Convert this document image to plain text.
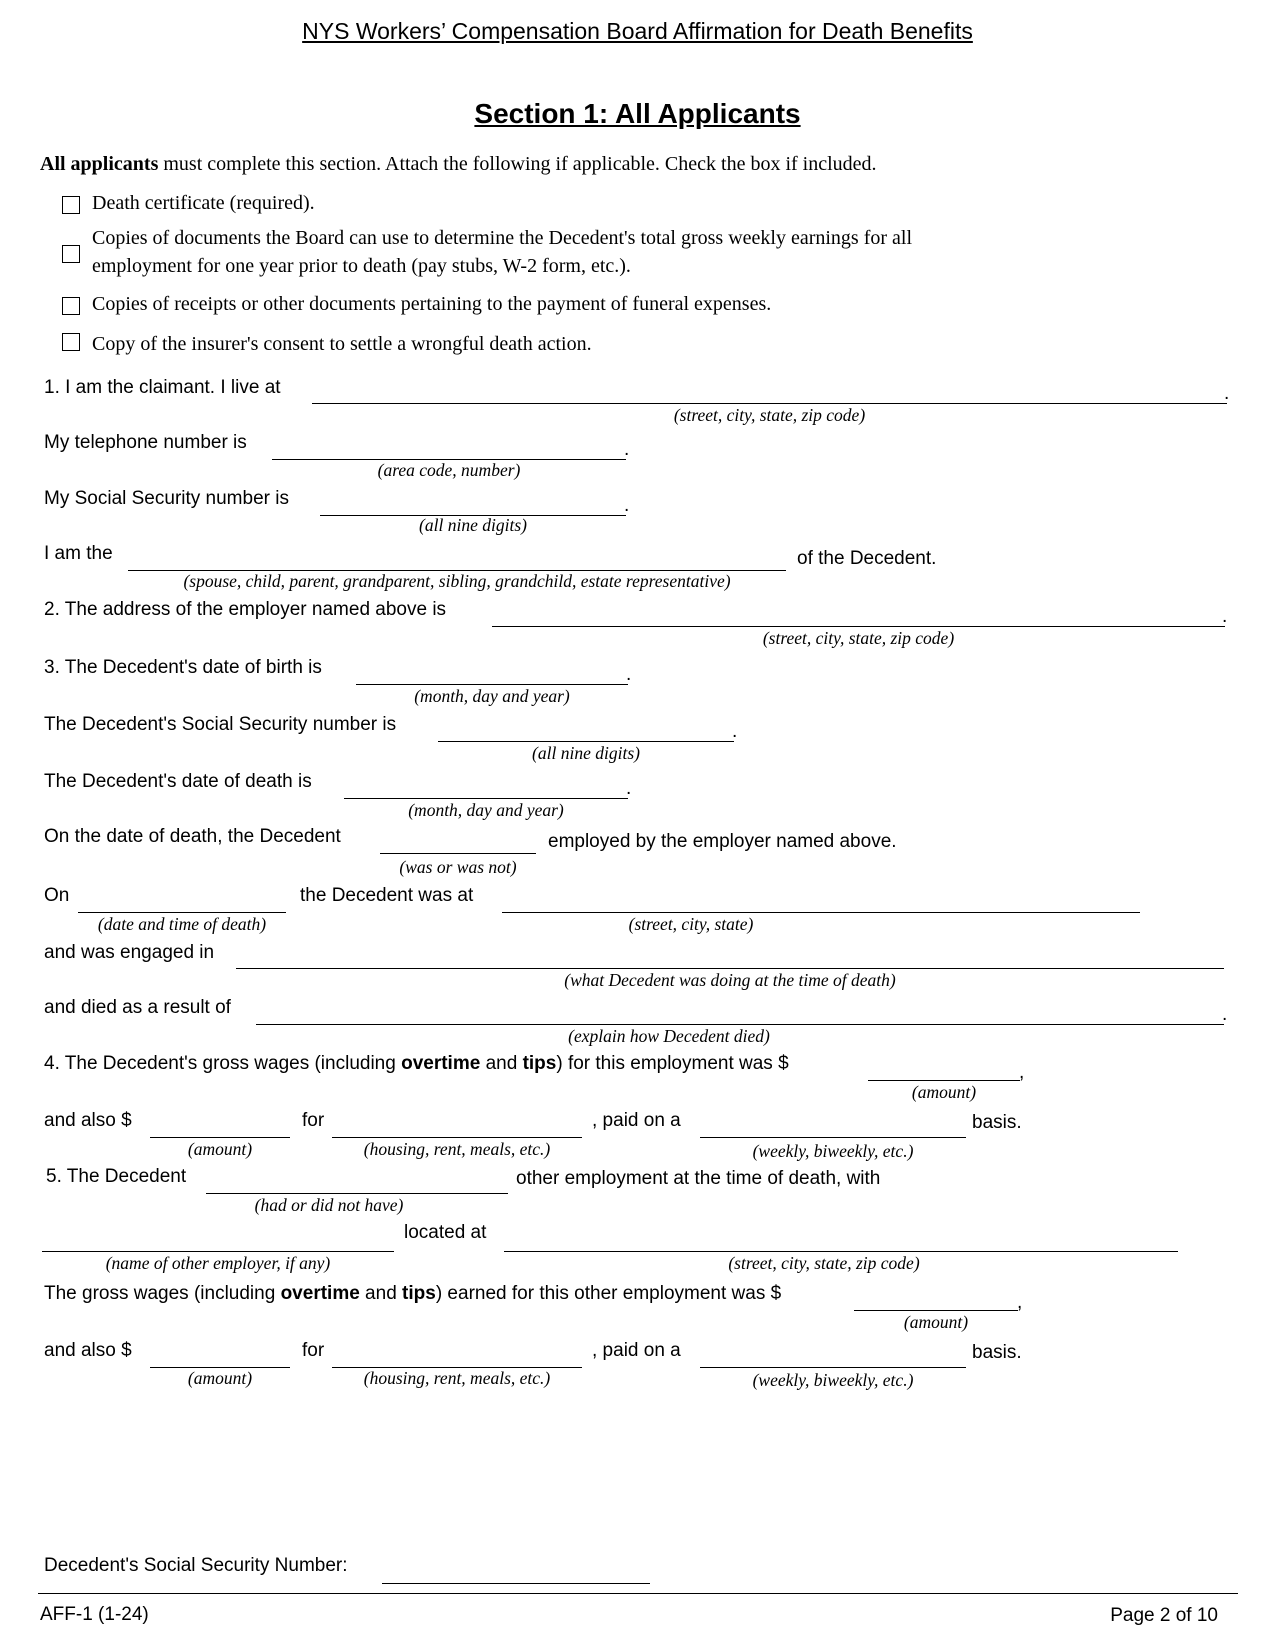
NYS Workers’ Compensation Board Affirmation for Death Benefits
Section 1: All Applicants
All applicants must complete this section. Attach the following if applicable. Check the box if included.
Death certificate (required).
Copies of documents the Board can use to determine the Decedent's total gross weekly earnings for all
employment for one year prior to death (pay stubs, W-2 form, etc.).
Copies of receipts or other documents pertaining to the payment of funeral expenses.
Copy of the insurer's consent to settle a wrongful death action.
1. I am the claimant. I live at	.
(street, city, state, zip code)
My telephone number is	.
(area code, number)
My Social Security number is	.
(all nine digits)
I am the	of the Decedent.
(spouse, child, parent, grandparent, sibling, grandchild, estate representative)
2. The address of the employer named above is	.
(street, city, state, zip code)
3. The Decedent's date of birth is	.
(month, day and year)
The Decedent's Social Security number is	.
(all nine digits)
The Decedent's date of death is	.
(month, day and year)
On the date of death, the Decedent	employed by the employer named above.
(was or was not)
On	the Decedent was at
(date and time of death)	(street, city, state)
and was engaged in
(what Decedent was doing at the time of death)
and died as a result of	.
(explain how Decedent died)
4. The Decedent's gross wages (including overtime and tips) for this employment was $	,
(amount)
and also $	for	, paid on a	basis.
(amount)	(housing, rent, meals, etc.)	(weekly, biweekly, etc.)
5. The Decedent	other employment at the time of death, with
(had or did not have)
located at
(name of other employer, if any)	(street, city, state, zip code)
The gross wages (including overtime and tips) earned for this other employment was $	,
(amount)
and also $	for	, paid on a	basis.
(amount)	(housing, rent, meals, etc.)	(weekly, biweekly, etc.)
Decedent's Social Security Number:
AFF-1 (1-24)	Page 2 of 10
